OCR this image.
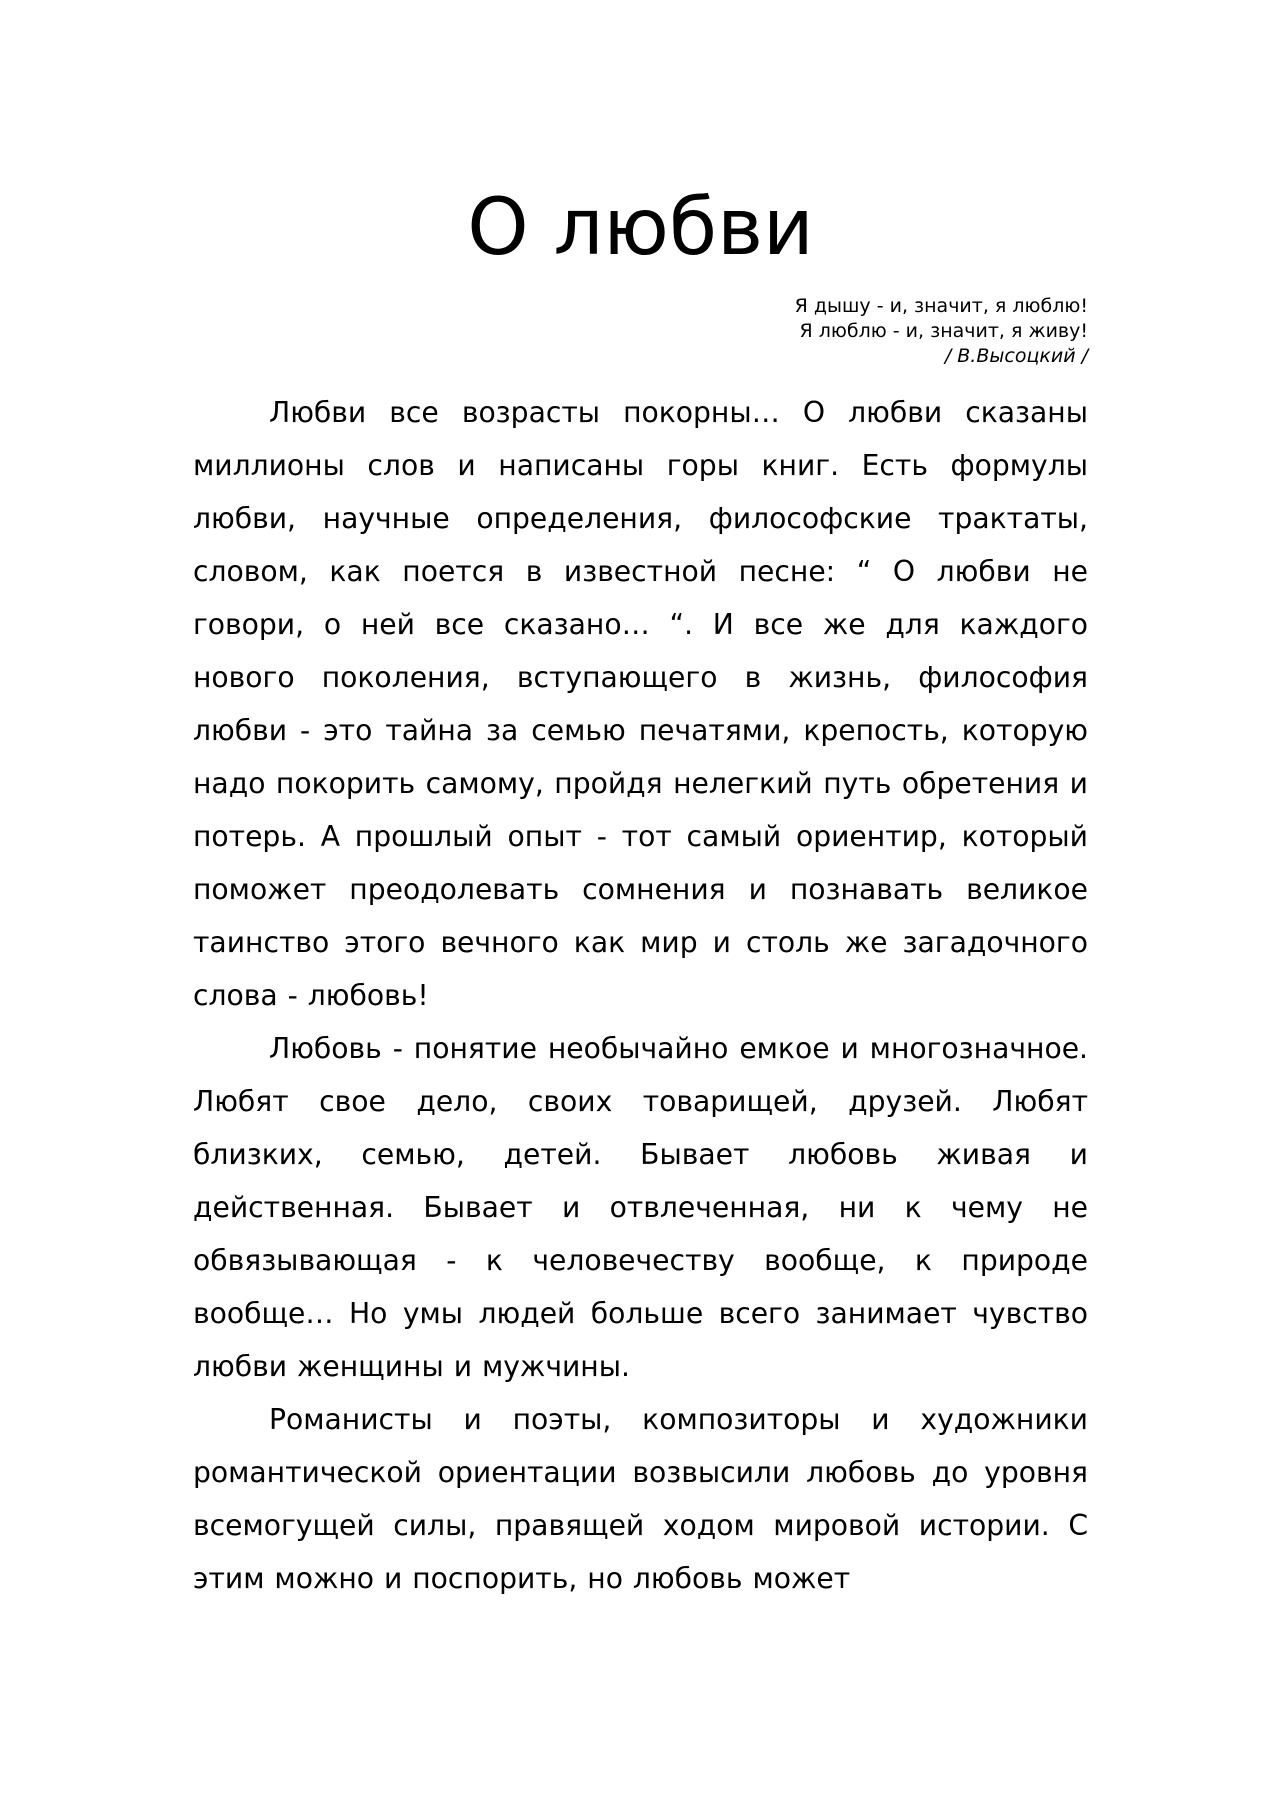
О любви
Я дышу - и, значит, я люблю!
Я люблю - и, значит, я живу!
/ В.Высоцкий /

Любви все возрасты покорны… О любви сказаны миллионы слов и написаны горы книг. Есть формулы любви, научные определения, философские трактаты, словом, как поется в известной песне: “ О любви не говори, о ней все сказано… “. И все же для каждого нового поколения, вступающего в жизнь, философия любви - это тайна за семью печатями, крепость, которую надо покорить самому, пройдя нелегкий путь обретения и потерь. А прошлый опыт - тот самый ориентир, который поможет преодолевать сомнения и познавать великое таинство этого вечного как мир и столь же загадочного слова - любовь!

Любовь - понятие необычайно емкое и многозначное. Любят свое дело, своих товарищей, друзей. Любят близких, семью, детей. Бывает любовь живая и действенная. Бывает и отвлеченная, ни к чему не обвязывающая - к человечеству вообще, к природе вообще… Но умы людей больше всего занимает чувство любви женщины и мужчины.

Романисты и поэты, композиторы и художники романтической ориентации возвысили любовь до уровня всемогущей силы, правящей ходом мировой истории. С этим можно и поспорить, но любовь может
